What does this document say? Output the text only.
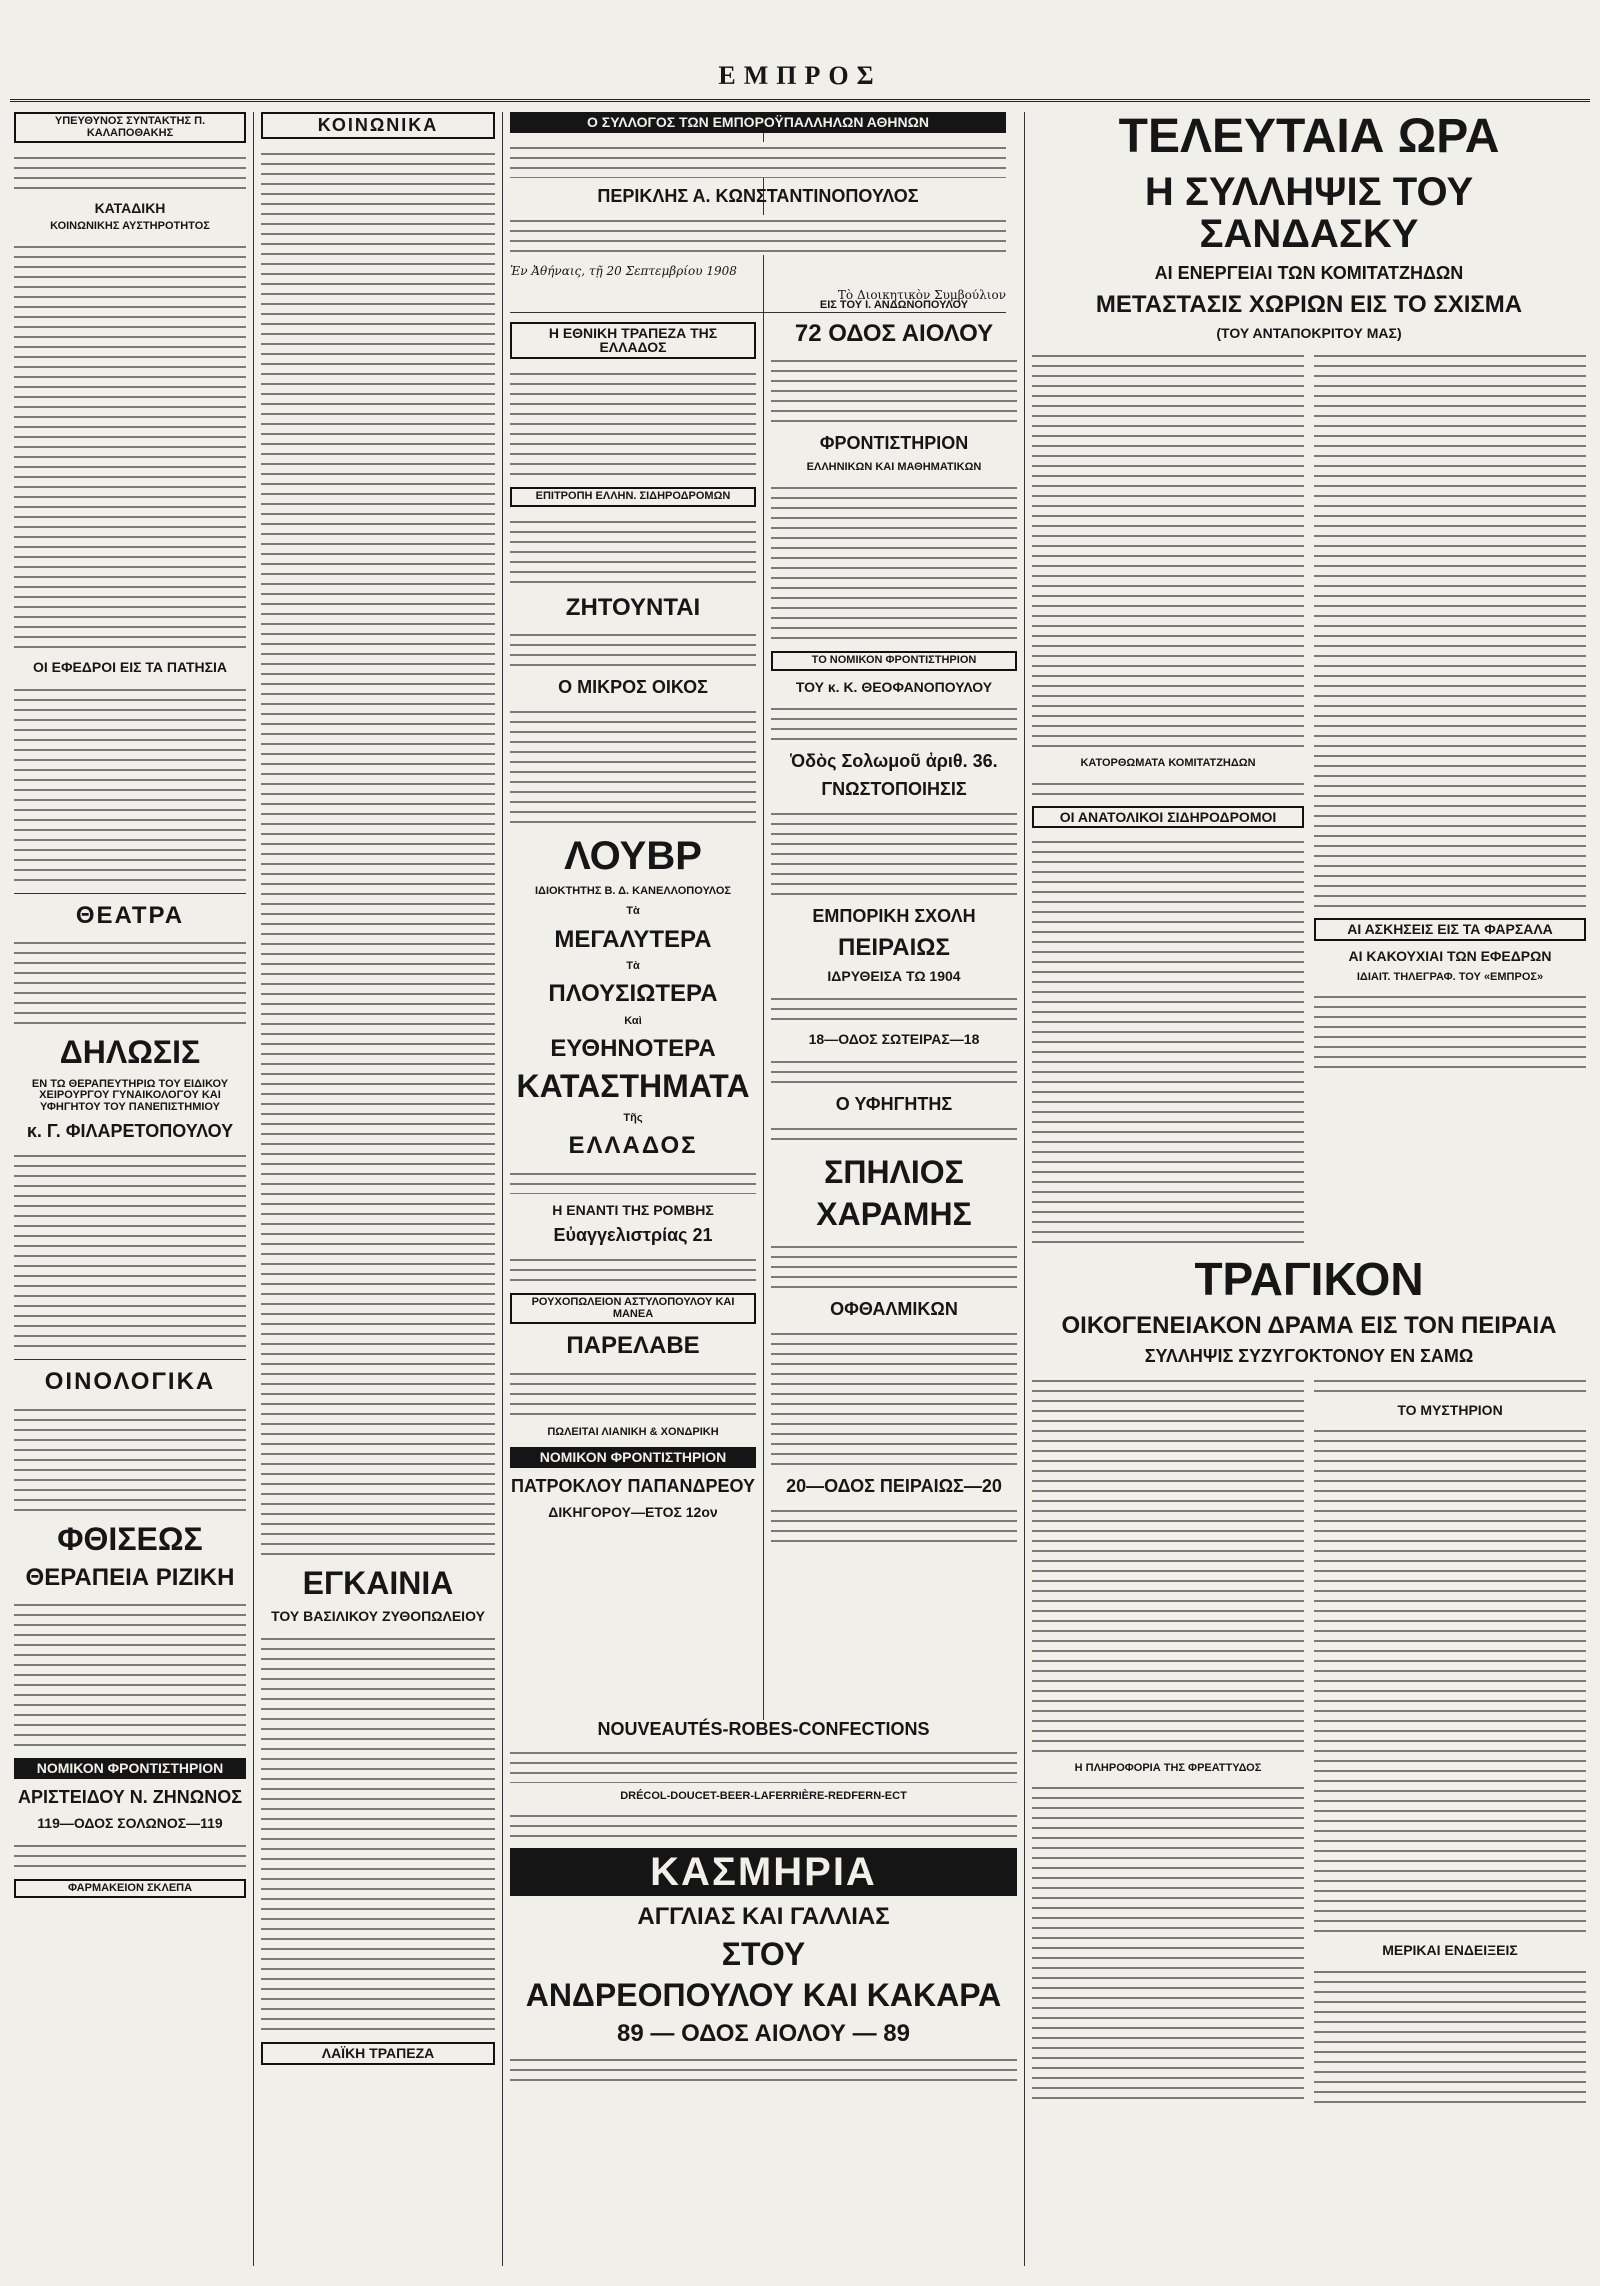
ΕΜΠΡΟΣ
ΥΠΕΥΘΥΝΟΣ ΣΥΝΤΑΚΤΗΣ Π. ΚΑΛΑΠΟΘΑΚΗΣ
ΚΑΤΑΔΙΚΗ
ΚΟΙΝΩΝΙΚΗΣ ΑΥΣΤΗΡΟΤΗΤΟΣ
ΟΙ ΕΦΕΔΡΟΙ ΕΙΣ ΤΑ ΠΑΤΗΣΙΑ
ΘΕΑΤΡΑ
ΔΗΛΩΣΙΣ
ΕΝ ΤΩ ΘΕΡΑΠΕΥΤΗΡΙΩ ΤΟΥ ΕΙΔΙΚΟΥ ΧΕΙΡΟΥΡΓΟΥ ΓΥΝΑΙΚΟΛΟΓΟΥ ΚΑΙ ΥΦΗΓΗΤΟΥ ΤΟΥ ΠΑΝΕΠΙΣΤΗΜΙΟΥ
κ. Γ. ΦΙΛΑΡΕΤΟΠΟΥΛΟΥ
ΟΙΝΟΛΟΓΙΚΑ
ΦΘΙΣΕΩΣ
ΘΕΡΑΠΕΙΑ ΡΙΖΙΚΗ
ΝΟΜΙΚΟΝ ΦΡΟΝΤΙΣΤΗΡΙΟΝ
ΑΡΙΣΤΕΙΔΟΥ Ν. ΖΗΝΩΝΟΣ
119—ΟΔΟΣ ΣΟΛΩΝΟΣ—119
ΦΑΡΜΑΚΕΙΟΝ ΣΚΛΕΠΑ
ΚΟΙΝΩΝΙΚΑ
ΕΓΚΑΙΝΙΑ
ΤΟΥ ΒΑΣΙΛΙΚΟΥ ΖΥΘΟΠΩΛΕΙΟΥ
ΛΑΪΚΗ ΤΡΑΠΕΖΑ
Ο ΣΥΛΛΟΓΟΣ ΤΩΝ ΕΜΠΟΡΟΫΠΑΛΛΗΛΩΝ ΑΘΗΝΩΝ
ΠΕΡΙΚΛΗΣ Α. ΚΩΝΣΤΑΝΤΙΝΟΠΟΥΛΟΣ
Ἐν Ἀθήναις, τῇ 20 Σεπτεμβρίου 1908
Τὸ Διοικητικὸν Συμβούλιον
Η ΕΘΝΙΚΗ ΤΡΑΠΕΖΑ ΤΗΣ ΕΛΛΑΔΟΣ
ΕΠΙΤΡΟΠΗ ΕΛΛΗΝ. ΣΙΔΗΡΟΔΡΟΜΩΝ
ΖΗΤΟΥΝΤΑΙ
Ο ΜΙΚΡΟΣ ΟΙΚΟΣ
ΛΟΥΒΡ
ΙΔΙΟΚΤΗΤΗΣ Β. Δ. ΚΑΝΕΛΛΟΠΟΥΛΟΣ
Τὰ
ΜΕΓΑΛΥΤΕΡΑ
Τὰ
ΠΛΟΥΣΙΩΤΕΡΑ
Καὶ
ΕΥΘΗΝΟΤΕΡΑ
ΚΑΤΑΣΤΗΜΑΤΑ
Τῆς
ΕΛΛΑΔΟΣ
Η ΕΝΑΝΤΙ ΤΗΣ ΡΟΜΒΗΣ
Εὐαγγελιστρίας 21
ΡΟΥΧΟΠΩΛΕΙΟΝ ΑΣΤΥΛΟΠΟΥΛΟΥ ΚΑΙ ΜΑΝΕΑ
ΠΑΡΕΛΑΒΕ
ΠΩΛΕΙΤΑΙ ΛΙΑΝΙΚΗ & ΧΟΝΔΡΙΚΗ
ΝΟΜΙΚΟΝ ΦΡΟΝΤΙΣΤΗΡΙΟΝ
ΠΑΤΡΟΚΛΟΥ ΠΑΠΑΝΔΡΕΟΥ
ΔΙΚΗΓΟΡΟΥ—ΕΤΟΣ 12ον
ΕΙΣ ΤΟΥ Ι. ΑΝΔΩΝΟΠΟΥΛΟΥ
72 ΟΔΟΣ ΑΙΟΛΟΥ
ΦΡΟΝΤΙΣΤΗΡΙΟΝ
ΕΛΛΗΝΙΚΩΝ ΚΑΙ ΜΑΘΗΜΑΤΙΚΩΝ
ΤΟ ΝΟΜΙΚΟΝ ΦΡΟΝΤΙΣΤΗΡΙΟΝ
ΤΟΥ κ. Κ. ΘΕΟΦΑΝΟΠΟΥΛΟΥ
Ὁδὸς Σολωμοῦ ἀριθ. 36.
ΓΝΩΣΤΟΠΟΙΗΣΙΣ
ΕΜΠΟΡΙΚΗ ΣΧΟΛΗ
ΠΕΙΡΑΙΩΣ
ΙΔΡΥΘΕΙΣΑ ΤΩ 1904
18—ΟΔΟΣ ΣΩΤΕΙΡΑΣ—18
Ο ΥΦΗΓΗΤΗΣ
ΣΠΗΛΙΟΣ
ΧΑΡΑΜΗΣ
ΟΦΘΑΛΜΙΚΩΝ
20—ΟΔΟΣ ΠΕΙΡΑΙΩΣ—20
NOUVEAUTÉS-ROBES-CONFECTIONS
DRÉCOL-DOUCET-BEER-LAFERRIÈRE-REDFERN-ECT
ΚΑΣΜΗΡΙΑ
ΑΓΓΛΙΑΣ ΚΑΙ ΓΑΛΛΙΑΣ
ΣΤΟΥ
ΑΝΔΡΕΟΠΟΥΛΟΥ ΚΑΙ ΚΑΚΑΡΑ
89 — ΟΔΟΣ ΑΙΟΛΟΥ — 89
ΤΕΛΕΥΤΑΙΑ ΩΡΑ
Η ΣΥΛΛΗΨΙΣ ΤΟΥ ΣΑΝΔΑΣΚΥ
ΑΙ ΕΝΕΡΓΕΙΑΙ ΤΩΝ ΚΟΜΙΤΑΤΖΗΔΩΝ
ΜΕΤΑΣΤΑΣΙΣ ΧΩΡΙΩΝ ΕΙΣ ΤΟ ΣΧΙΣΜΑ
(ΤΟΥ ΑΝΤΑΠΟΚΡΙΤΟΥ ΜΑΣ)
ΚΑΤΟΡΘΩΜΑΤΑ ΚΟΜΙΤΑΤΖΗΔΩΝ
ΟΙ ΑΝΑΤΟΛΙΚΟΙ ΣΙΔΗΡΟΔΡΟΜΟΙ
ΑΙ ΑΣΚΗΣΕΙΣ ΕΙΣ ΤΑ ΦΑΡΣΑΛΑ
ΑΙ ΚΑΚΟΥΧΙΑΙ ΤΩΝ ΕΦΕΔΡΩΝ
ΙΔΙΑΙΤ. ΤΗΛΕΓΡΑΦ. ΤΟΥ «ΕΜΠΡΟΣ»
ΤΡΑΓΙΚΟΝ
ΟΙΚΟΓΕΝΕΙΑΚΟΝ ΔΡΑΜΑ ΕΙΣ ΤΟΝ ΠΕΙΡΑΙΑ
ΣΥΛΛΗΨΙΣ ΣΥΖΥΓΟΚΤΟΝΟΥ ΕΝ ΣΑΜΩ
Η ΠΛΗΡΟΦΟΡΙΑ ΤΗΣ ΦΡΕΑΤΤΥΔΟΣ
ΤΟ ΜΥΣΤΗΡΙΟΝ
ΜΕΡΙΚΑΙ ΕΝΔΕΙΞΕΙΣ
